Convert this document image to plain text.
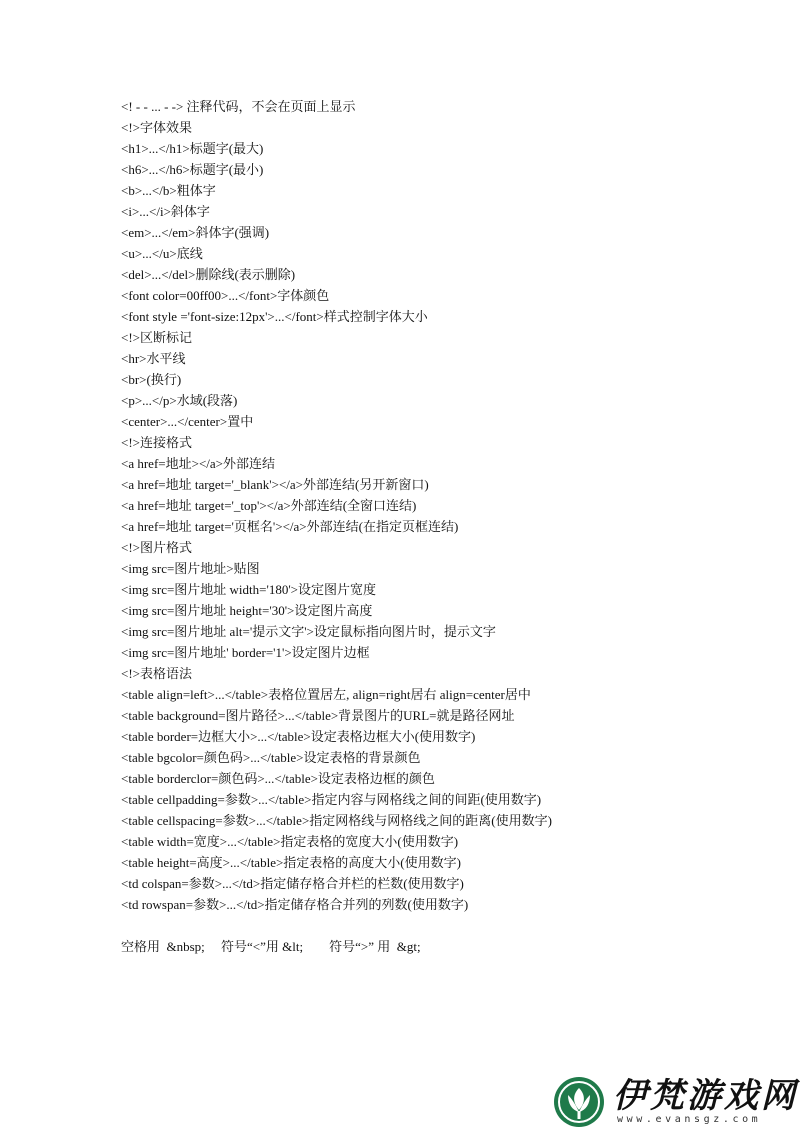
<! - - ... - -> 注释代码，不会在页面上显示
<!>字体效果
<h1>...</h1>标题字(最大)
<h6>...</h6>标题字(最小)
<b>...</b>粗体字
<i>...</i>斜体字
<em>...</em>斜体字(强调)
<u>...</u>底线
<del>...</del>删除线(表示删除)
<font color=00ff00>...</font>字体颜色
<font style ='font-size:12px'>...</font>样式控制字体大小
<!>区断标记
<hr>水平线
<br>(换行)
<p>...</p>水域(段落)
<center>...</center>置中
<!>连接格式
<a href=地址></a>外部连结
<a href=地址 target='_blank'></a>外部连结(另开新窗口)
<a href=地址 target='_top'></a>外部连结(全窗口连结)
<a href=地址 target='页框名'></a>外部连结(在指定页框连结)
<!>图片格式
<img src=图片地址>贴图
<img src=图片地址 width='180'>设定图片宽度
<img src=图片地址 height='30'>设定图片高度
<img src=图片地址 alt='提示文字'>设定鼠标指向图片时，提示文字
<img src=图片地址' border='1'>设定图片边框
<!>表格语法
<table align=left>...</table>表格位置居左, align=right居右 align=center居中
<table background=图片路径>...</table>背景图片的URL=就是路径网址
<table border=边框大小>...</table>设定表格边框大小(使用数字)
<table bgcolor=颜色码>...</table>设定表格的背景颜色
<table borderclor=颜色码>...</table>设定表格边框的颜色
<table cellpadding=参数>...</table>指定内容与网格线之间的间距(使用数字)
<table cellspacing=参数>...</table>指定网格线与网格线之间的距离(使用数字)
<table width=宽度>...</table>指定表格的宽度大小(使用数字)
<table height=高度>...</table>指定表格的高度大小(使用数字)
<td colspan=参数>...</td>指定储存格合并栏的栏数(使用数字)
<td rowspan=参数>...</td>指定储存格合并列的列数(使用数字)
空格用  &nbsp;     符号“<”用 &lt;        符号“>” 用  &gt;
伊梵游戏网
www.evansgz.com
